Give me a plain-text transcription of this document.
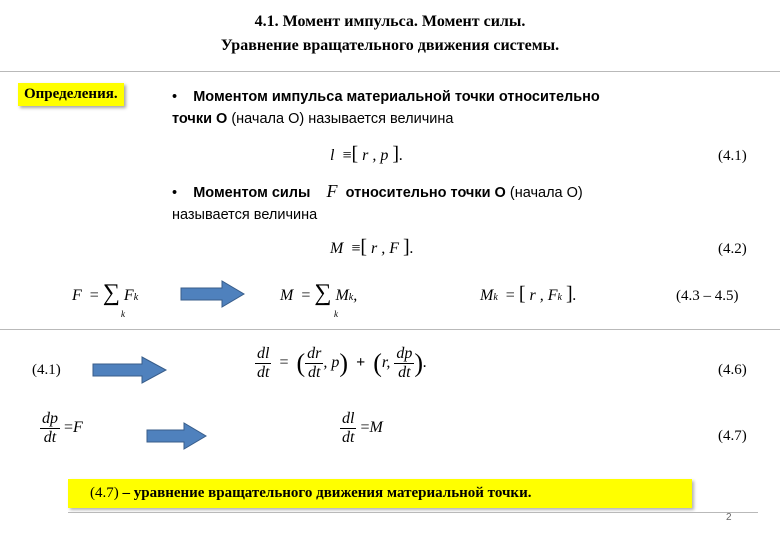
4.1. Момент импульса. Момент силы.
Уравнение вращательного движения системы.
Определения.	• Моментом импульса материальной точки относительно
точки О (начала О) называется величина
l ≡[ r , p ].	(4.1)
• Моментом силы F относительно точки О (начала О)
называется величина
M ≡[ r , F ].	(4.2)
F = ∑ Fk
k
M = ∑ Mk,
k
Mk = [ r , Fk ].	(4.3 – 4.5)
(4.1)	$\frac{dl}{dt}$ = ( $\frac{dr}{dt}$ , p) + (r, $\frac{dp}{dt}$ ).	(4.6)
$\frac{dp}{dt} =F$	$\frac{dl}{dt} =M$	(4.7)
(4.7) – уравнение вращательного движения материальной точки.
2
